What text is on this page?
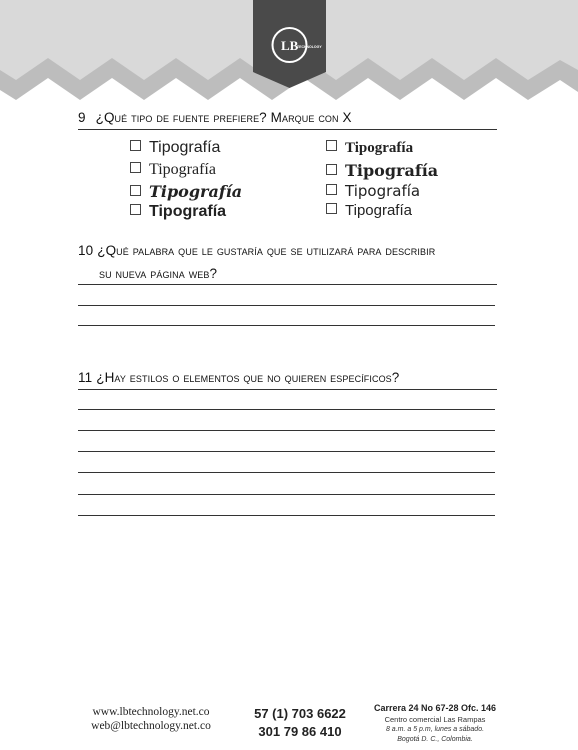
LB
TECHNOLOGY
9 ¿Qué tipo de fuente prefiere? Marque con X
Tipografía
Tipografía
Tipografía
Tipografía
Tipografía
Tipografía
Tipografía
Tipografía
10 ¿Qué palabra que le gustaría que se utilizará para describir
su nueva página web?
11 ¿Hay estilos o elementos que no quieren específicos?
www.lbtechnology.net.co
web@lbtechnology.net.co
57 (1) 703 6622
301 79 86 410
Carrera 24 No 67-28 Ofc. 146
Centro comercial Las Rampas
8 a.m. a 5 p.m, lunes a sábado.
Bogotá D. C., Colombia.
